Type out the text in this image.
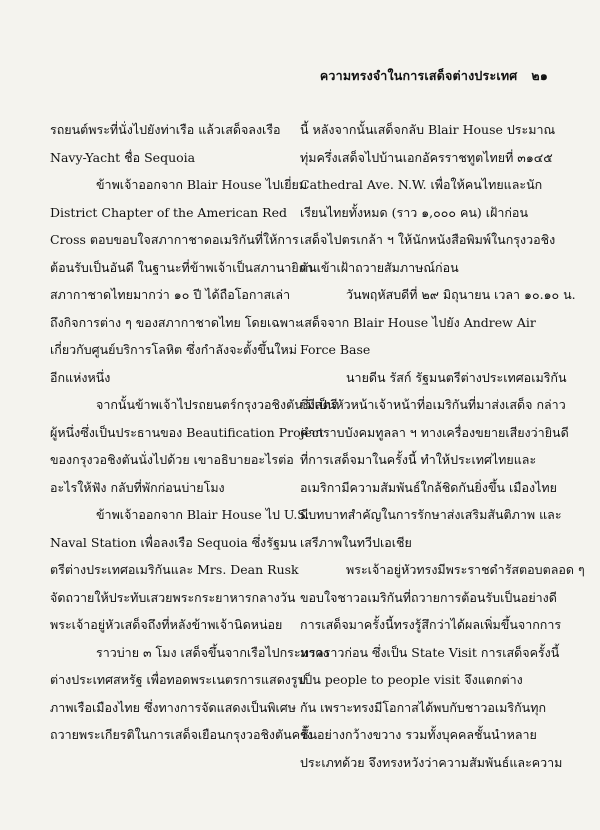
ความทรงจำในการเสด็จต่างประเทศ ๒๑
รถยนต์พระที่นั่งไปยังท่าเรือ แล้วเสด็จลงเรือ
Navy-Yacht ชื่อ Sequoia
ข้าพเจ้าออกจาก Blair House ไปเยี่ยม
District Chapter of the American Red
Cross ตอบขอบใจสภากาชาดอเมริกันที่ให้การ
ต้อนรับเป็นอันดี ในฐานะที่ข้าพเจ้าเป็นสภานายิกา
สภากาชาดไทยมากว่า ๑๐ ปี ได้ถือโอกาสเล่า
ถึงกิจการต่าง ๆ ของสภากาชาดไทย โดยเฉพาะ
เกี่ยวกับศูนย์บริการโลหิต ซึ่งกำลังจะตั้งขึ้นใหม่
อีกแห่งหนึ่ง
จากนั้นข้าพเจ้าไปรถยนตร์กรุงวอชิงตัน มีสตรี
ผู้หนึ่งซึ่งเป็นประธานของ Beautification Project
ของกรุงวอชิงตันนั่งไปด้วย เขาอธิบายอะไรต่อ
อะไรให้ฟัง กลับที่พักก่อนบ่ายโมง
ข้าพเจ้าออกจาก Blair House ไป U.S.
Naval Station เพื่อลงเรือ Sequoia ซึ่งรัฐมน
ตรีต่างประเทศอเมริกันและ Mrs. Dean Rusk
จัดถวายให้ประทับเสวยพระกระยาหารกลางวัน
พระเจ้าอยู่หัวเสด็จถึงที่หลังข้าพเจ้านิดหน่อย
ราวบ่าย ๓ โมง เสด็จขึ้นจากเรือไปกระทรวง
ต่างประเทศสหรัฐ เพื่อทอดพระเนตรการแสดงรูป
ภาพเรือเมืองไทย ซึ่งทางการจัดแสดงเป็นพิเศษ
ถวายพระเกียรติในการเสด็จเยือนกรุงวอชิงตันครั้ง
นี้ หลังจากนั้นเสด็จกลับ Blair House ประมาณ
ทุ่มครึ่งเสด็จไปบ้านเอกอัครราชทูตไทยที่ ๓๑๔๕
Cathedral Ave. N.W. เพื่อให้คนไทยและนัก
เรียนไทยทั้งหมด (ราว ๑,๐๐๐ คน) เฝ้าก่อน
เสด็จไปตรเกล้า ฯ ให้นักหนังสือพิมพ์ในกรุงวอชิง
ตันเข้าเฝ้าถวายสัมภาษณ์ก่อน
วันพฤหัสบดีที่ ๒๙ มิถุนายน เวลา ๑๐.๑๐ น.
เสด็จจาก Blair House ไปยัง Andrew Air
Force Base
นายดีน รัสก์ รัฐมนตรีต่างประเทศอเมริกัน
ซึ่งเป็นหัวหน้าเจ้าหน้าที่อเมริกันที่มาส่งเสด็จ กล่าว
คำกราบบังคมทูลลา ฯ ทางเครื่องขยายเสียงว่ายินดี
ที่การเสด็จมาในครั้งนี้ ทำให้ประเทศไทยและ
อเมริกามีความสัมพันธ์ใกล้ชิดกันยิ่งขึ้น เมืองไทย
มีบทบาทสำคัญในการรักษาส่งเสริมสันติภาพ และ
เสรีภาพในทวีปเอเชีย
พระเจ้าอยู่หัวทรงมีพระราชดำรัสตอบตลอด ๆ
ขอบใจชาวอเมริกันที่ถวายการต้อนรับเป็นอย่างดี
การเสด็จมาครั้งนี้ทรงรู้สึกว่าได้ผลเพิ่มขึ้นจากการ
มาคราวก่อน ซึ่งเป็น State Visit การเสด็จครั้งนี้
เป็น people to people visit จึงแตกต่าง
กัน เพราะทรงมีโอกาสได้พบกับชาวอเมริกันทุก
ชั้นอย่างกว้างขวาง รวมทั้งบุคคลชั้นนำหลาย
ประเภทด้วย จึงทรงหวังว่าความสัมพันธ์และความ
